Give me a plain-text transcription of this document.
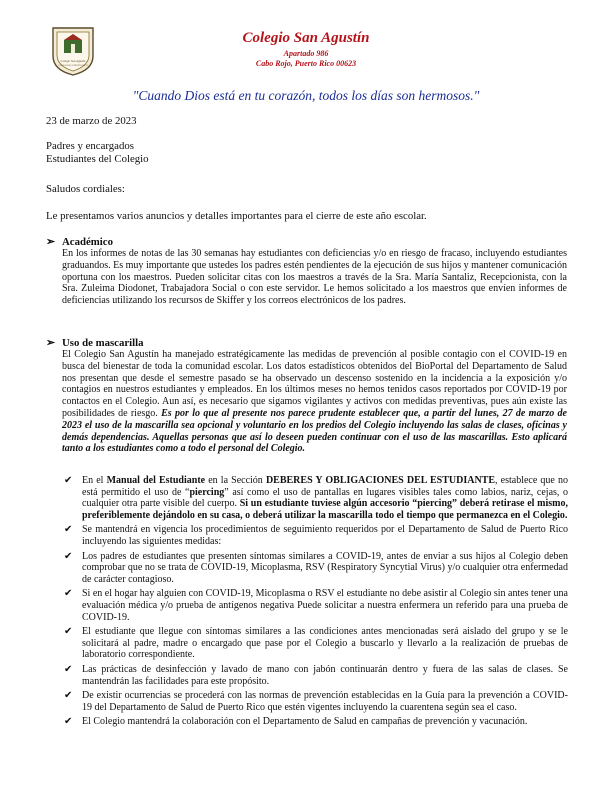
Colegio San Agustín
CABO ROJO, PUERTO RICO
Colegio San Agustín
Apartado 986
Cabo Rojo, Puerto Rico 00623
"Cuando Dios está en tu corazón, todos los días son hermosos."
23 de marzo de 2023
Padres y encargados
Estudiantes del Colegio
Saludos cordiales:
Le presentamos varios anuncios y detalles importantes para el cierre de este año escolar.
➢ Académico
En los informes de notas de las 30 semanas hay estudiantes con deficiencias y/o en riesgo de fracaso, incluyendo estudiantes graduandos. Es muy importante que ustedes los padres estén pendientes de la ejecución de sus hijos y mantener comunicación oportuna con los maestros. Pueden solicitar citas con los maestros a través de la Sra. María Santaliz, Recepcionista, con la Sra. Zuleima Diodonet, Trabajadora Social o con este servidor. Le hemos solicitado a los maestros que envíen informes de deficiencias utilizando los recursos de Skiffer y los correos electrónicos de los padres.
➢ Uso de mascarilla
El Colegio San Agustín ha manejado estratégicamente las medidas de prevención al posible contagio con el COVID-19 en busca del bienestar de toda la comunidad escolar. Los datos estadísticos obtenidos del BioPortal del Departamento de Salud nos presentan que desde el semestre pasado se ha observado un descenso sostenido en la incidencia a la exposición y/o contagios en nuestros estudiantes y empleados. En los últimos meses no hemos tenidos casos reportados por COVID-19 por contactos en el Colegio. Aun así, es necesario que sigamos vigilantes y activos con medidas preventivas, pues aún existe las posibilidades de riesgo. Es por lo que al presente nos parece prudente establecer que, a partir del lunes, 27 de marzo de 2023 el uso de la mascarilla sea opcional y voluntario en los predios del Colegio incluyendo las salas de clases, oficinas y demás dependencias. Aquellas personas que así lo deseen pueden continuar con el uso de las mascarillas. Esto aplicará tanto a los estudiantes como a todo el personal del Colegio.
✔ En el Manual del Estudiante en la Sección DEBERES Y OBLIGACIONES DEL ESTUDIANTE, establece que no está permitido el uso de “piercing” así como el uso de pantallas en lugares visibles tales como labios, nariz, cejas, o cualquier otra parte visible del cuerpo. Si un estudiante tuviese algún accesorio “piercing” deberá retirase el mismo, preferiblemente dejándolo en su casa, o deberá utilizar la mascarilla todo el tiempo que permanezca en el Colegio.
✔ Se mantendrá en vigencia los procedimientos de seguimiento requeridos por el Departamento de Salud de Puerto Rico incluyendo las siguientes medidas:
✔ Los padres de estudiantes que presenten síntomas similares a COVID-19, antes de enviar a sus hijos al Colegio deben comprobar que no se trata de COVID-19, Micoplasma, RSV (Respiratory Syncytial Virus) y/o cualquier otra enfermedad de carácter contagioso.
✔ Si en el hogar hay alguien con COVID-19, Micoplasma o RSV el estudiante no debe asistir al Colegio sin antes tener una evaluación médica y/o prueba de antígenos negativa Puede solicitar a nuestra enfermera un referido para una prueba de COVID-19.
✔ El estudiante que llegue con síntomas similares a las condiciones antes mencionadas será aislado del grupo y se le solicitará al padre, madre o encargado que pase por el Colegio a buscarlo y llevarlo a la realización de pruebas de laboratorio correspondiente.
✔ Las prácticas de desinfección y lavado de mano con jabón continuarán dentro y fuera de las salas de clases. Se mantendrán las facilidades para este propósito.
✔ De existir ocurrencias se procederá con las normas de prevención establecidas en la Guía para la prevención a COVID-19 del Departamento de Salud de Puerto Rico que estén vigentes incluyendo la cuarentena según sea el caso.
✔ El Colegio mantendrá la colaboración con el Departamento de Salud en campañas de prevención y vacunación.
